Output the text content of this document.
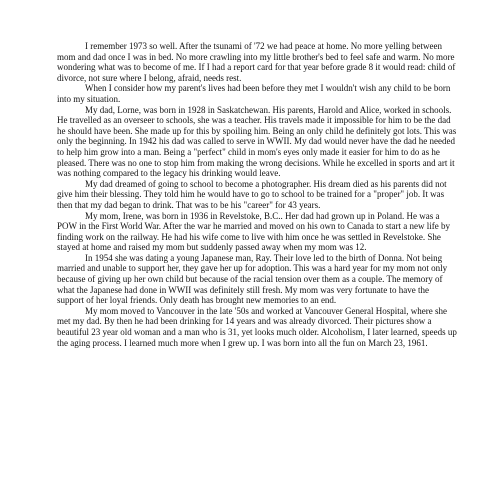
I remember 1973 so well. After the tsunami of '72 we had peace at home. No more yelling between mom and dad once I was in bed. No more crawling into my little brother's bed to feel safe and warm. No more wondering what was to become of me. If I had a report card for that year before grade 8 it would read: child of divorce, not sure where I belong, afraid, needs rest.

When I consider how my parent's lives had been before they met I wouldn't wish any child to be born into my situation.

My dad, Lorne, was born in 1928 in Saskatchewan. His parents, Harold and Alice, worked in schools. He travelled as an overseer to schools, she was a teacher. His travels made it impossible for him to be the dad he should have been. She made up for this by spoiling him. Being an only child he definitely got lots. This was only the beginning. In 1942 his dad was called to serve in WWII. My dad would never have the dad he needed to help him grow into a man. Being a "perfect" child in mom's eyes only made it easier for him to do as he pleased. There was no one to stop him from making the wrong decisions. While he excelled in sports and art it was nothing compared to the legacy his drinking would leave.

My dad dreamed of going to school to become a photographer. His dream died as his parents did not give him their blessing. They told him he would have to go to school to be trained for a "proper" job. It was then that my dad began to drink. That was to be his "career" for 43 years.

My mom, Irene, was born in 1936 in Revelstoke, B.C.. Her dad had grown up in Poland. He was a POW in the First World War. After the war he married and moved on his own to Canada to start a new life by finding work on the railway. He had his wife come to live with him once he was settled in Revelstoke. She stayed at home and raised my mom but suddenly passed away when my mom was 12.

In 1954 she was dating a young Japanese man, Ray. Their love led to the birth of Donna. Not being married and unable to support her, they gave her up for adoption. This was a hard year for my mom not only because of giving up her own child but because of the racial tension over them as a couple. The memory of what the Japanese had done in WWII was definitely still fresh. My mom was very fortunate to have the support of her loyal friends. Only death has brought new memories to an end.

My mom moved to Vancouver in the late '50s and worked at Vancouver General Hospital, where she met my dad. By then he had been drinking for 14 years and was already divorced. Their pictures show a beautiful 23 year old woman and a man who is 31, yet looks much older. Alcoholism, I later learned, speeds up the aging process. I learned much more when I grew up. I was born into all the fun on March 23, 1961.
